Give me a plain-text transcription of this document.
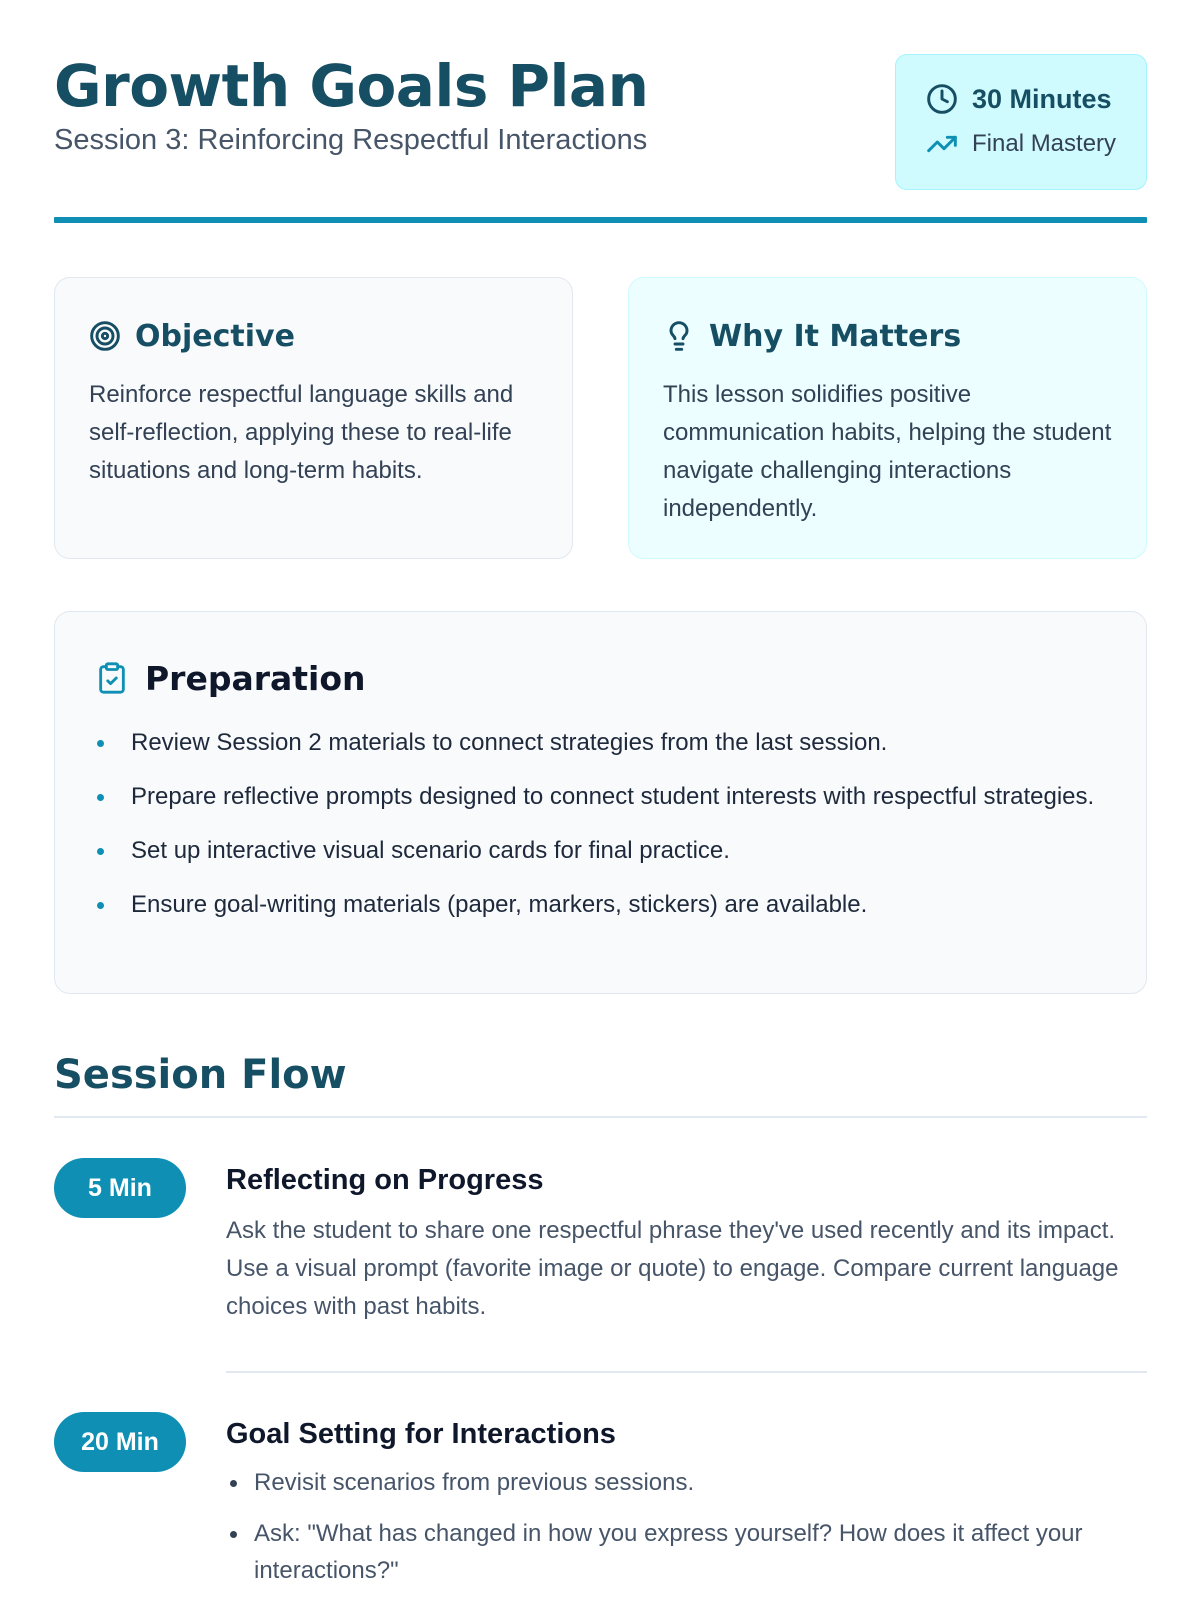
Growth Goals Plan
Session 3: Reinforcing Respectful Interactions
30 Minutes
Final Mastery
Objective

Reinforce respectful language skills and self-reflection, applying these to real-life situations and long-term habits.

Why It Matters

This lesson solidifies positive communication habits, helping the student navigate challenging interactions independently.

Preparation
Review Session 2 materials to connect strategies from the last session.
Prepare reflective prompts designed to connect student interests with respectful strategies.
Set up interactive visual scenario cards for final practice.
Ensure goal-writing materials (paper, markers, stickers) are available.
Session Flow
5 Min	Reflecting on Progress

Ask the student to share one respectful phrase they've used recently and its impact. Use a visual prompt (favorite image or quote) to engage. Compare current language choices with past habits.

20 Min	Goal Setting for Interactions
Revisit scenarios from previous sessions.
Ask: "What has changed in how you express yourself? How does it affect your interactions?"
